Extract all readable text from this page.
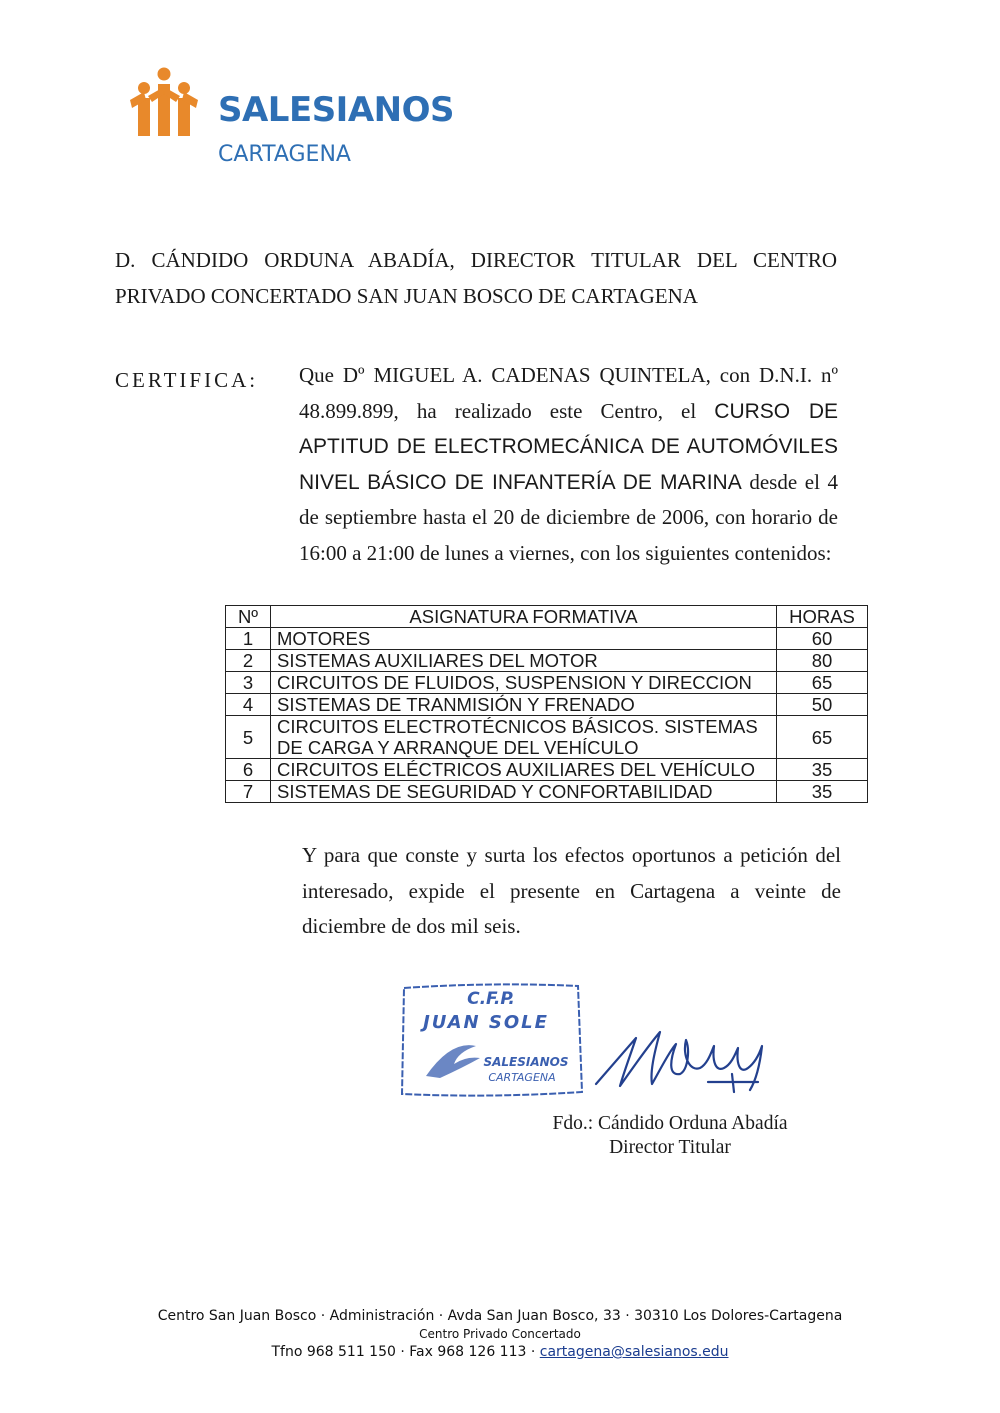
SALESIANOS
CARTAGENA
D. CÁNDIDO ORDUNA ABADÍA, DIRECTOR TITULAR DEL CENTRO
PRIVADO CONCERTADO SAN JUAN BOSCO DE CARTAGENA
CERTIFICA: Que Dº MIGUEL A. CADENAS QUINTELA, con D.N.I. nº 48.899.899, ha realizado este Centro, el CURSO DE APTITUD DE ELECTROMECÁNICA DE AUTOMÓVILES NIVEL BÁSICO DE INFANTERÍA DE MARINA desde el 4 de septiembre hasta el 20 de diciembre de 2006, con horario de 16:00 a 21:00 de lunes a viernes, con los siguientes contenidos:
Nº	ASIGNATURA FORMATIVA	HORAS
1	MOTORES	60
2	SISTEMAS AUXILIARES DEL MOTOR	80
3	CIRCUITOS DE FLUIDOS, SUSPENSION Y DIRECCION	65
4	SISTEMAS DE TRANMISIÓN Y FRENADO	50
5	CIRCUITOS ELECTROTÉCNICOS BÁSICOS. SISTEMAS DE CARGA Y ARRANQUE DEL VEHÍCULO	65
6	CIRCUITOS ELÉCTRICOS AUXILIARES DEL VEHÍCULO	35
7	SISTEMAS DE SEGURIDAD Y CONFORTABILIDAD	35
Y para que conste y surta los efectos oportunos a petición del interesado, expide el presente en Cartagena a veinte de diciembre de dos mil seis.
C.F.P.
JUAN SOLE
SALESIANOS
CARTAGENA
Fdo.: Cándido Orduna Abadía
Director Titular
Centro San Juan Bosco · Administración · Avda San Juan Bosco, 33 · 30310 Los Dolores-Cartagena
Centro Privado Concertado
Tfno 968 511 150 · Fax 968 126 113 · cartagena@salesianos.edu
